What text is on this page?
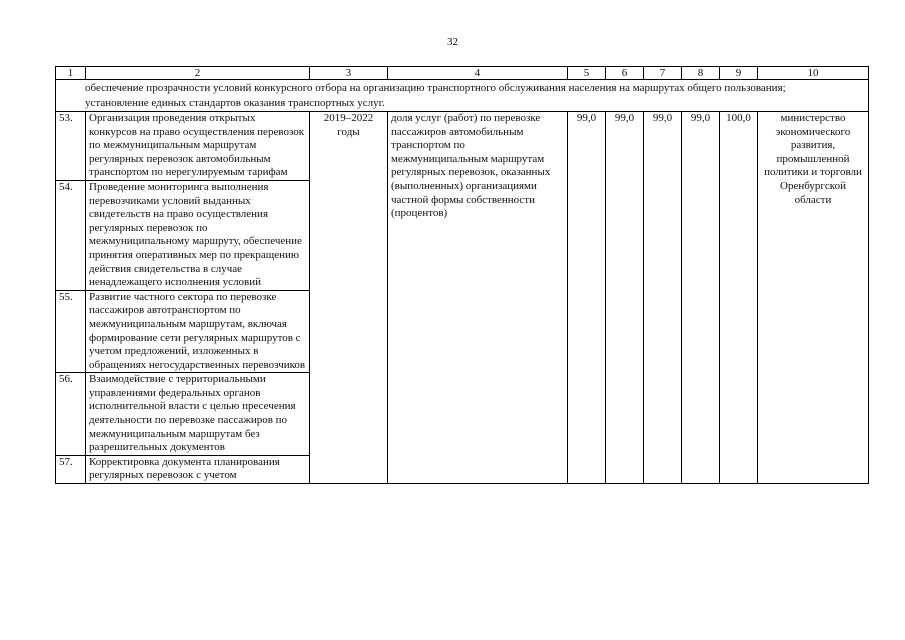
32
1	2	3	4	5	6	7	8	9	10

обеспечение прозрачности условий конкурсного отбора на организацию транспортного обслуживания населения на маршрутах общего пользования;
установление единых стандартов оказания транспортных услуг.									

53.	Организация проведения открытых конкурсов на право осуществления перевозок по межмуниципальным маршрутам регулярных перевозок автомобильным транспортом по нерегулируемым тарифам	2019–2022 годы	доля услуг (работ) по перевозке пассажиров автомобильным транспортом по межмуниципальным маршрутам регулярных перевозок, оказанных (выполненных) организациями частной формы собственности (процентов)	99,0	99,0	99,0	99,0	100,0	министерство экономического развития, промышленной политики и торговли Оренбургской области
54.	Проведение мониторинга выполнения перевозчиками условий выданных свидетельств на право осуществления регулярных перевозок по межмуниципальному маршруту, обеспечение принятия оперативных мер по прекращению действия свидетельства в случае ненадлежащего исполнения условий								
55.	Развитие частного сектора по перевозке пассажиров автотранспортом по межмуниципальным маршрутам, включая формирование сети регулярных маршрутов с учетом предложений, изложенных в обращениях негосударственных перевозчиков								
56.	Взаимодействие с территориальными управлениями федеральных органов исполнительной власти с целью пресечения деятельности по перевозке пассажиров по межмуниципальным маршрутам без разрешительных документов								
57.	Корректировка документа планирования регулярных перевозок с учетом								
